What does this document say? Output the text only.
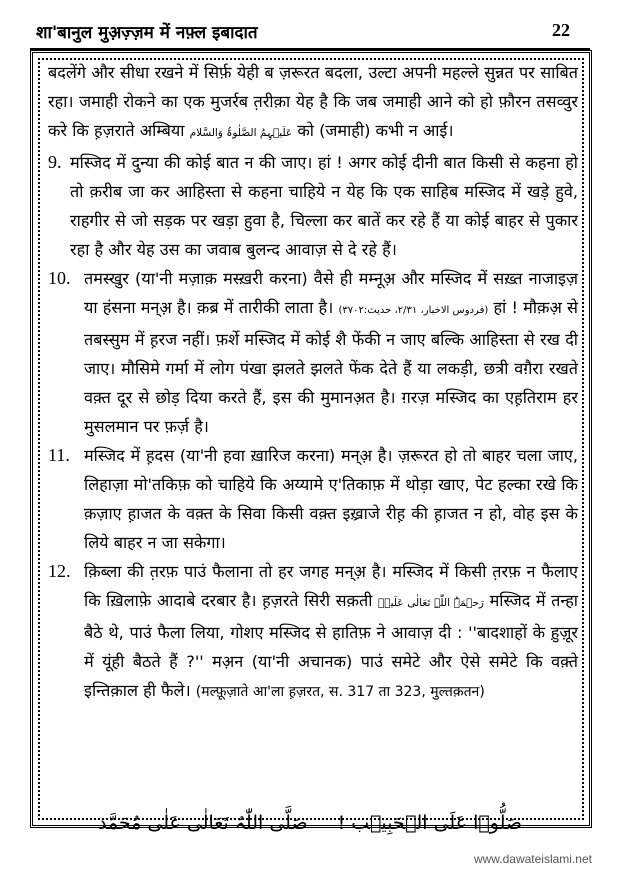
शा'बानुल मुअ़ज़्ज़म में नफ़्ल इबादात	22

बदलेंगे और सीधा रखने में सिर्फ़ येही ब ज़रूरत बदला, उल्टा अपनी महल्ले सुन्नत पर साबित रहा। जमाही रोकने का एक मुजर्रब त़रीक़ा येह है कि जब जमाही आने को हो फ़ौरन तसव्वुर करे कि ह़ज़राते अम्बिया عَلَیۡہِمُ الصَّلٰوۃُ وَالسَّلام को (जमाही) कभी न आई।

9. मस्जिद में दुन्या की कोई बात न की जाए। हां ! अगर कोई दीनी बात किसी से कहना हो तो क़रीब जा कर आहिस्ता से कहना चाहिये न येह कि एक साहिब मस्जिद में खड़े हुवे, राहगीर से जो सड़क पर खड़ा हुवा है, चिल्ला कर बातें कर रहे हैं या कोई बाहर से पुकार रहा है और येह उस का जवाब बुलन्द आवाज़ से दे रहे हैं।
10. तमस्खुर (या'नी मज़ाक़ मस्ख़री करना) वैसे ही मम्नूअ़ और मस्जिद में सख़्त नाजाइज़ या हंसना मन्अ़ है। क़ब्र में तारीकी लाता है। (فردوس الاخبار، ۲/۳۱، حدیث:۳۷۰۲) हां ! मौक़अ़ से तबस्सुम में ह़रज नहीं। फ़र्शे मस्जिद में कोई शै फेंकी न जाए बल्कि आहिस्ता से रख दी जाए। मौसिमे गर्मा में लोग पंखा झलते झलते फेंक देते हैं या लकड़ी, छत्री वग़ैरा रखते वक़्त दूर से छोड़ दिया करते हैं, इस की मुमानअ़त है। ग़रज़ मस्जिद का एह़तिराम हर मुसलमान पर फ़र्ज़ है।
11. मस्जिद में ह़दस (या'नी हवा ख़ारिज करना) मन्अ़ है। ज़रूरत हो तो बाहर चला जाए, लिहाज़ा मो'तकिफ़ को चाहिये कि अय्यामे ए'तिकाफ़ में थोड़ा खाए, पेट हल्का रखे कि क़ज़ाए ह़ाजत के वक़्त के सिवा किसी वक़्त इख़्राजे रीह़ की ह़ाजत न हो, वोह इस के लिये बाहर न जा सकेगा।
12. क़िब्ला की त़रफ़ पाउं फैलाना तो हर जगह मन्अ़ है। मस्जिद में किसी त़रफ़ न फैलाए कि ख़िलाफ़े आदाबे दरबार है। ह़ज़रते सिरी सक़ती رَحۡمَۃُ اللّٰہِ تَعَالٰی عَلَیۡہ मस्जिद में तन्हा बैठे थे, पाउं फैला लिया, गोशए मस्जिद से हातिफ़ ने आवाज़ दी : ''बादशाहों के ह़ुज़ूर में यूंही बैठते हैं ?'' मअ़न (या'नी अचानक) पाउं समेटे और ऐसे समेटे कि वक़्ते इन्तिक़ाल ही फैले। (मल्फ़ूज़ाते आ'ला ह़ज़रत, स. 317 ता 323, मुल्तक़तन)
صَلُّوۡا عَلَی الۡحَبِیۡب ! صَلَّی اللّٰہُ تَعَالٰی عَلٰی مُحَمَّد
www.dawateislami.net
